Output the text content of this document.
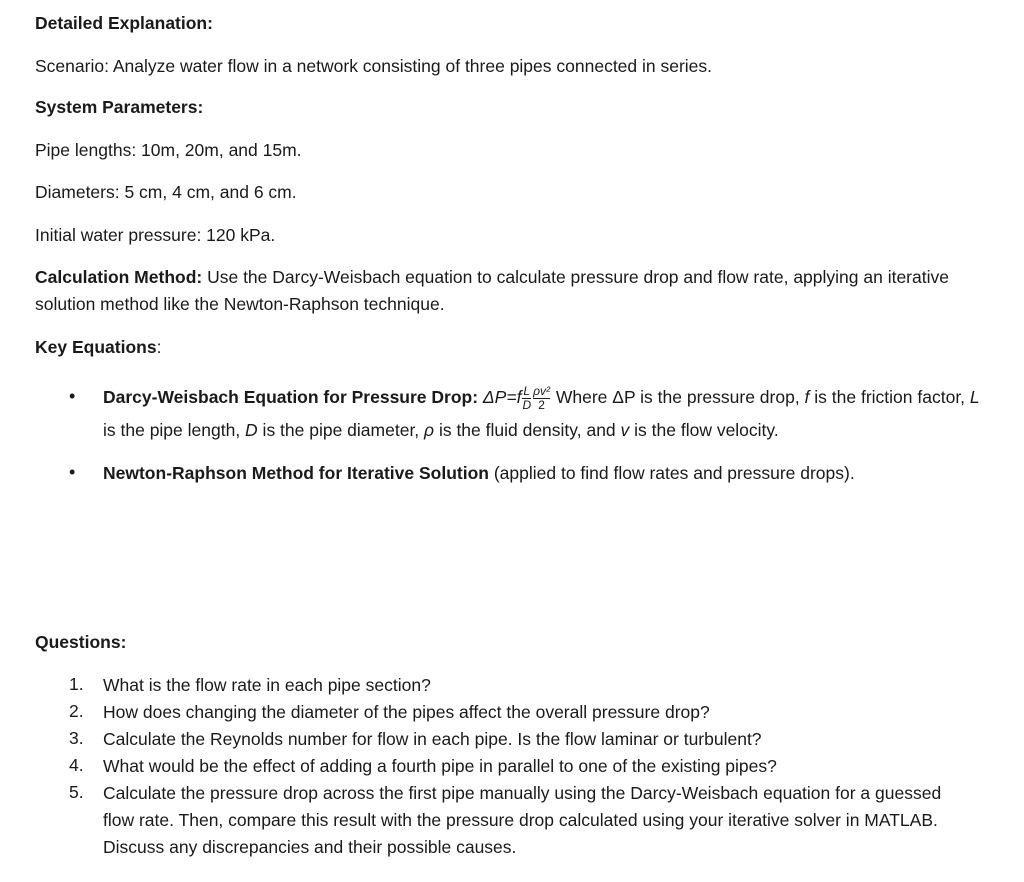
Detailed Explanation:
Scenario: Analyze water flow in a network consisting of three pipes connected in series.
System Parameters:
Pipe lengths: 10m, 20m, and 15m.
Diameters: 5 cm, 4 cm, and 6 cm.
Initial water pressure: 120 kPa.
Calculation Method: Use the Darcy-Weisbach equation to calculate pressure drop and flow rate, applying an iterative solution method like the Newton-Raphson technique.
Key Equations:
• Darcy-Weisbach Equation for Pressure Drop: $\Delta P=f \frac{L}{D} \frac{\text{ρv²}}{2}$ Where ΔP is the pressure drop, f is the friction factor, L is the pipe length, D is the pipe diameter, ρ is the fluid density, and v is the flow velocity.
• Newton-Raphson Method for Iterative Solution (applied to find flow rates and pressure drops).
Questions:
1.	What is the flow rate in each pipe section?
2.	How does changing the diameter of the pipes affect the overall pressure drop?
3.	Calculate the Reynolds number for flow in each pipe. Is the flow laminar or turbulent?
4.	What would be the effect of adding a fourth pipe in parallel to one of the existing pipes?
5.	Calculate the pressure drop across the first pipe manually using the Darcy-Weisbach equation for a guessed flow rate. Then, compare this result with the pressure drop calculated using your iterative solver in MATLAB. Discuss any discrepancies and their possible causes.
